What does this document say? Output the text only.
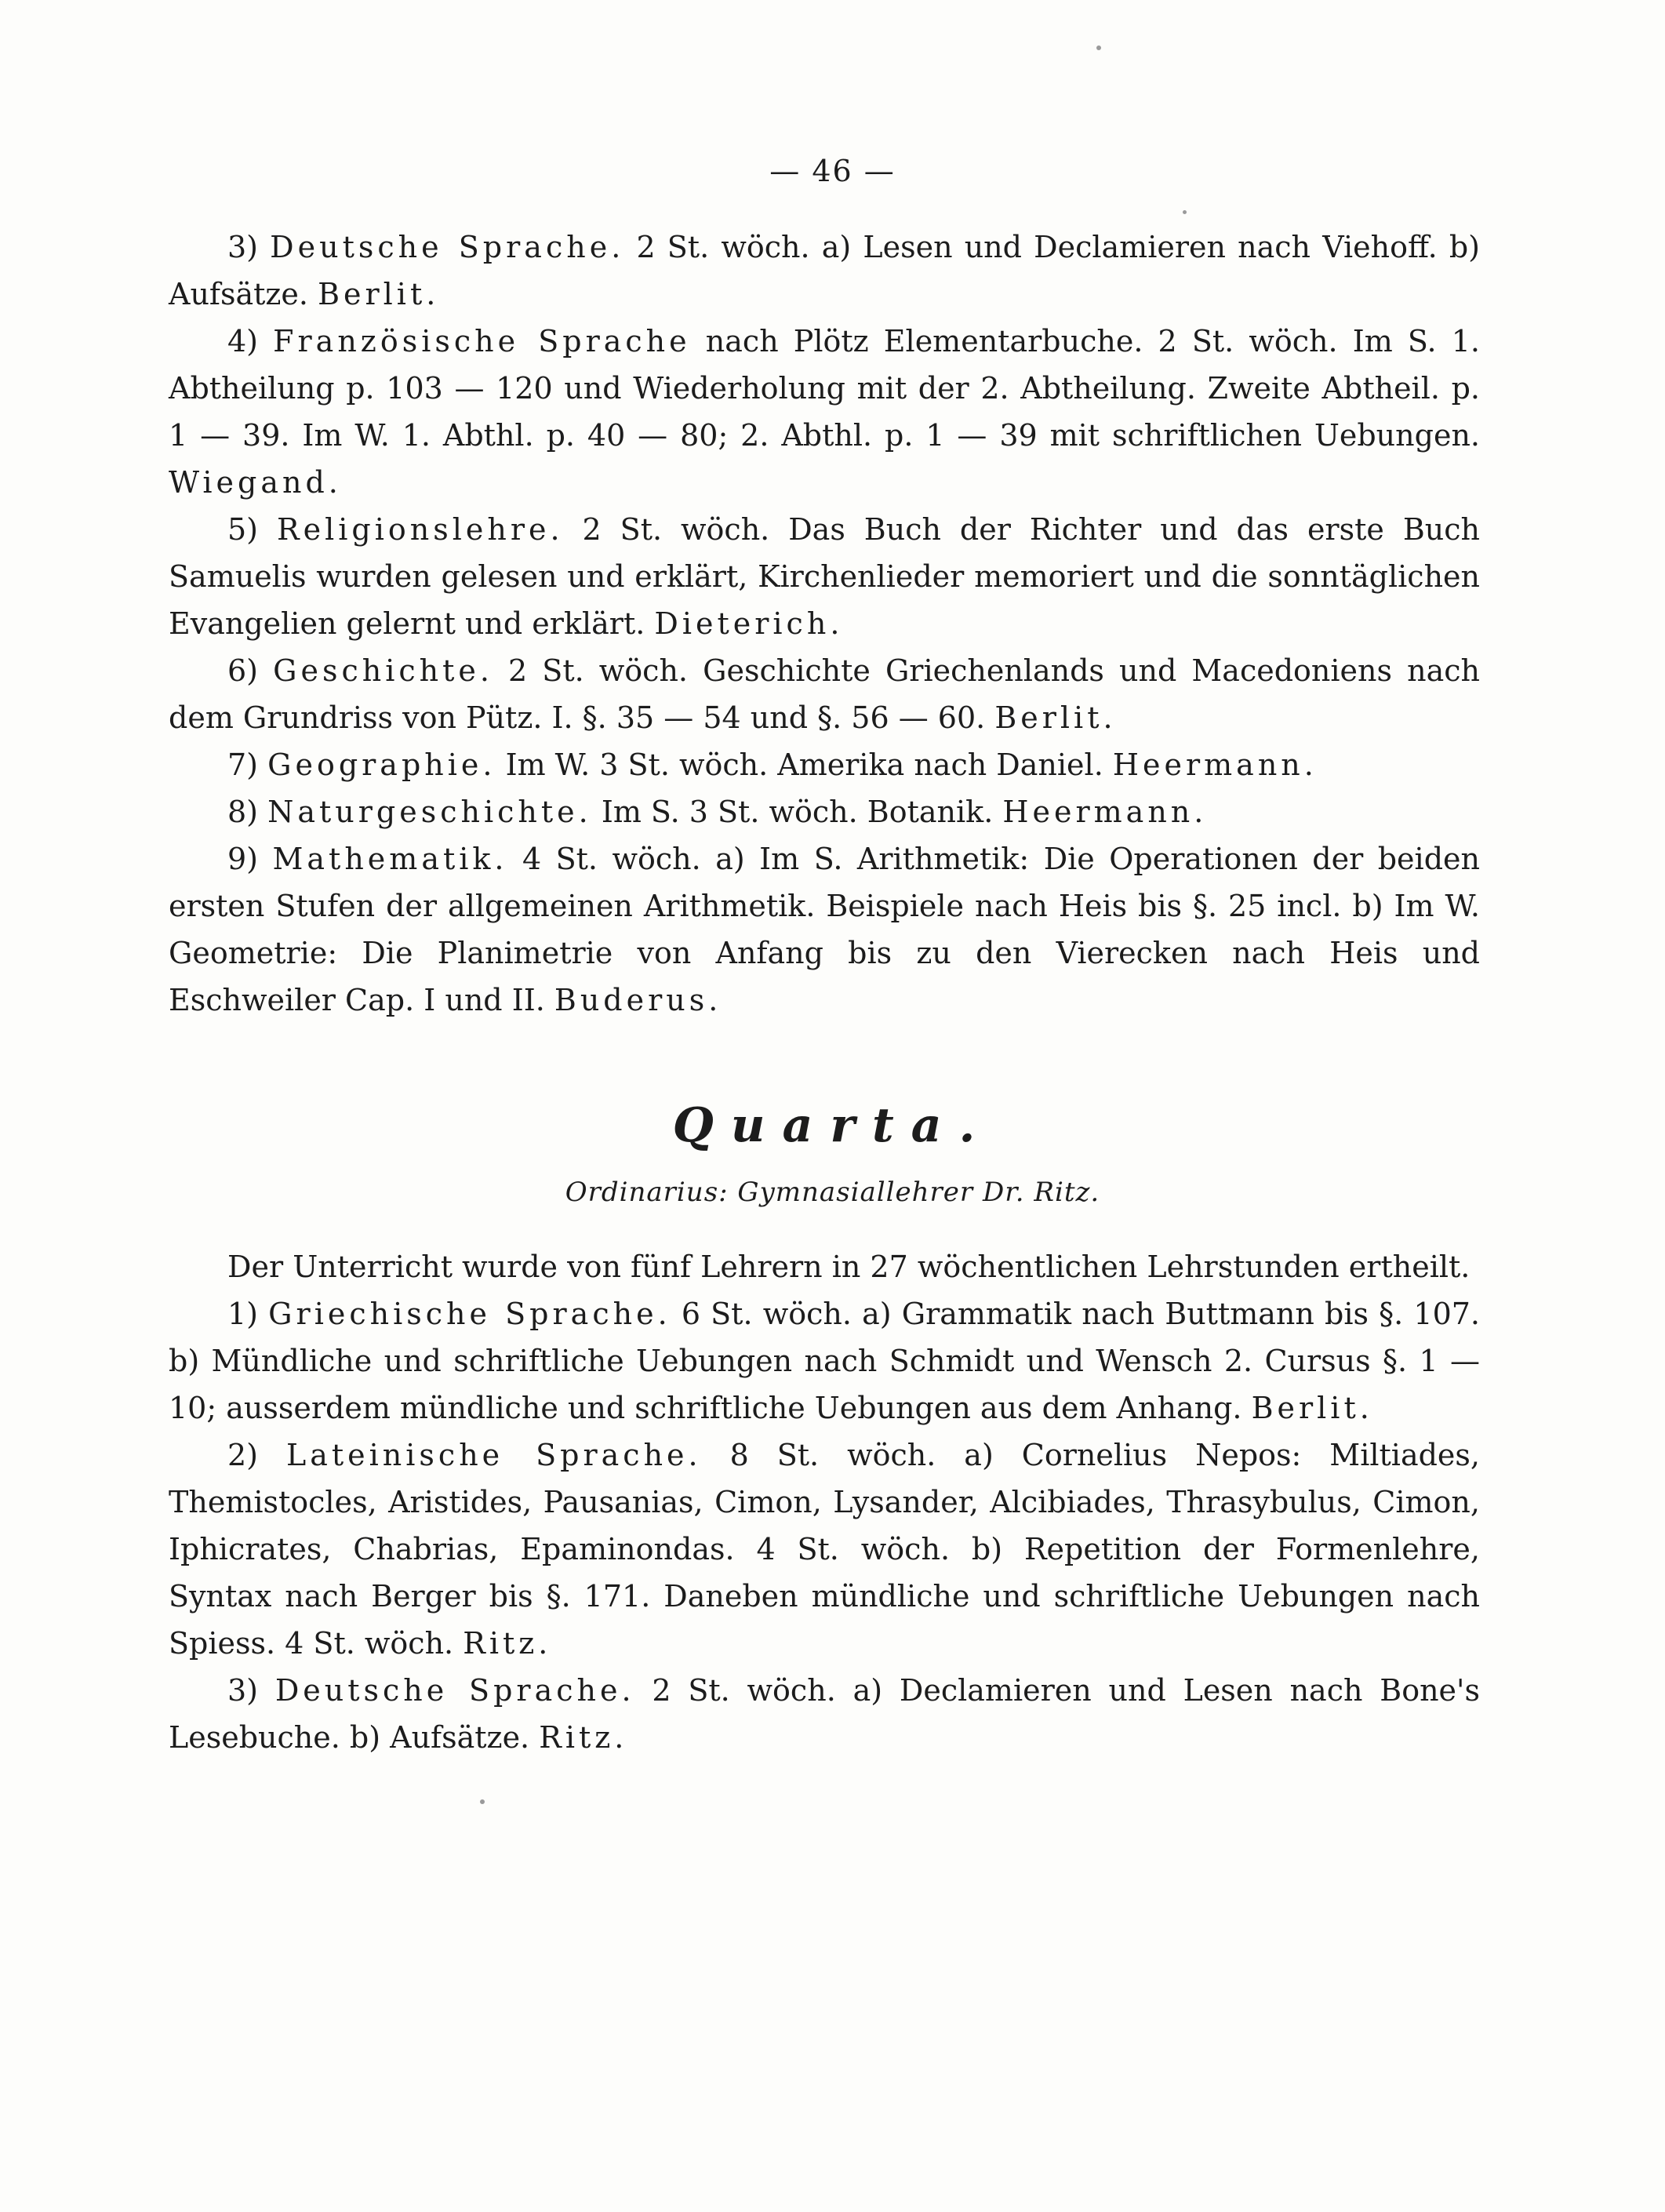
— 46 —

3) Deutsche Sprache. 2 St. wöch. a) Lesen und Declamieren nach Viehoff. b) Aufsätze. Berlit.

4) Französische Sprache nach Plötz Elementarbuche. 2 St. wöch. Im S. 1. Abtheilung p. 103 — 120 und Wiederholung mit der 2. Abtheilung. Zweite Abtheil. p. 1 — 39. Im W. 1. Abthl. p. 40 — 80; 2. Abthl. p. 1 — 39 mit schriftlichen Uebungen. Wiegand.

5) Religionslehre. 2 St. wöch. Das Buch der Richter und das erste Buch Samuelis wurden gelesen und erklärt, Kirchenlieder memoriert und die sonntäglichen Evangelien gelernt und erklärt. Dieterich.

6) Geschichte. 2 St. wöch. Geschichte Griechenlands und Macedoniens nach dem Grundriss von Pütz. I. §. 35 — 54 und §. 56 — 60. Berlit.

7) Geographie. Im W. 3 St. wöch. Amerika nach Daniel. Heermann.

8) Naturgeschichte. Im S. 3 St. wöch. Botanik. Heermann.

9) Mathematik. 4 St. wöch. a) Im S. Arithmetik: Die Operationen der beiden ersten Stufen der allgemeinen Arithmetik. Beispiele nach Heis bis §. 25 incl. b) Im W. Geometrie: Die Planimetrie von Anfang bis zu den Vierecken nach Heis und Eschweiler Cap. I und II. Buderus.

Quarta.
Ordinarius: Gymnasiallehrer Dr. Ritz.

Der Unterricht wurde von fünf Lehrern in 27 wöchentlichen Lehrstunden ertheilt.

1) Griechische Sprache. 6 St. wöch. a) Grammatik nach Buttmann bis §. 107. b) Mündliche und schriftliche Uebungen nach Schmidt und Wensch 2. Cursus §. 1 — 10; ausserdem mündliche und schriftliche Uebungen aus dem Anhang. Berlit.

2) Lateinische Sprache. 8 St. wöch. a) Cornelius Nepos: Miltiades, Themistocles, Aristides, Pausanias, Cimon, Lysander, Alcibiades, Thrasybulus, Cimon, Iphicrates, Chabrias, Epaminondas. 4 St. wöch. b) Repetition der Formenlehre, Syntax nach Berger bis §. 171. Daneben mündliche und schriftliche Uebungen nach Spiess. 4 St. wöch. Ritz.

3) Deutsche Sprache. 2 St. wöch. a) Declamieren und Lesen nach Bone's Lesebuche. b) Aufsätze. Ritz.
